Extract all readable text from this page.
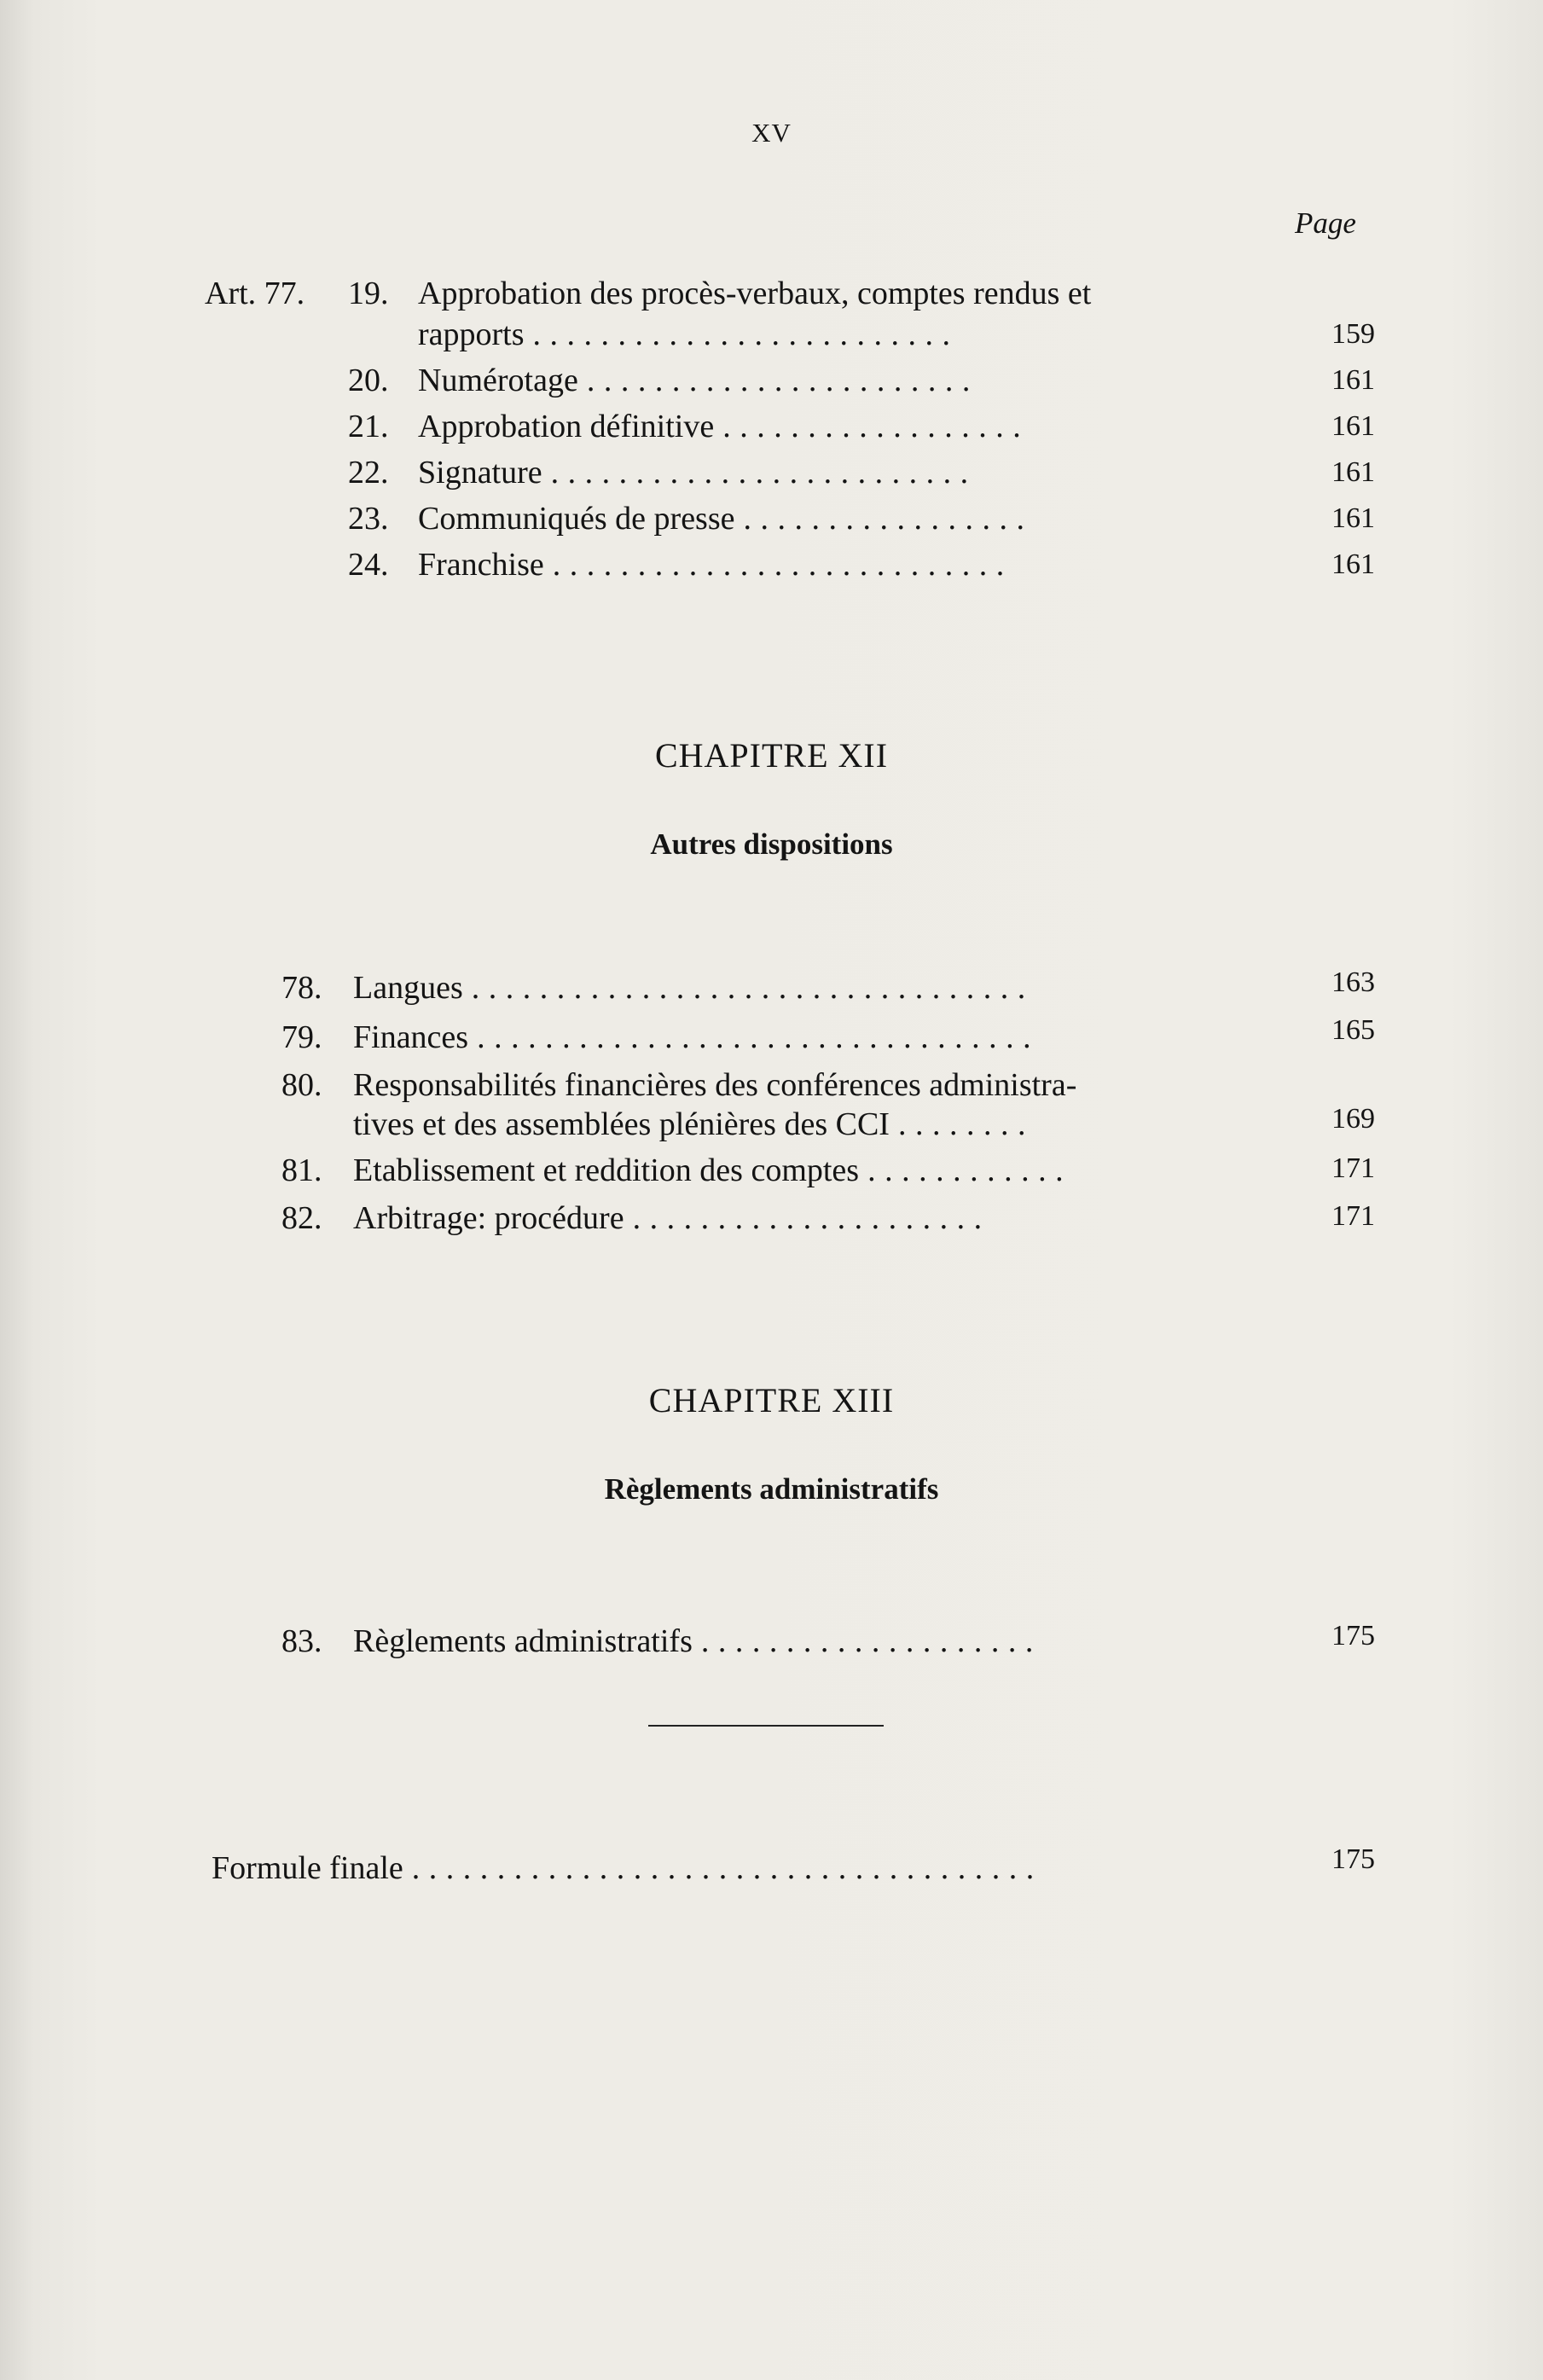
XV
Page
Art. 77. 19. Approbation des procès-verbaux, comptes rendus et
rapports . . . . . . . . . . . . . . . . . . . . . . . . .	159
20. Numérotage . . . . . . . . . . . . . . . . . . . . . . .	161
21. Approbation définitive . . . . . . . . . . . . . . . . . .	161
22. Signature . . . . . . . . . . . . . . . . . . . . . . . . .	161
23. Communiqués de presse . . . . . . . . . . . . . . . . .	161
24. Franchise . . . . . . . . . . . . . . . . . . . . . . . . . . .	161
CHAPITRE XII
Autres dispositions
78. Langues . . . . . . . . . . . . . . . . . . . . . . . . . . . . . . . . .	163
79. Finances . . . . . . . . . . . . . . . . . . . . . . . . . . . . . . . . .	165
80. Responsabilités financières des conférences administra-
tives et des assemblées plénières des CCI . . . . . . . .	169
81. Etablissement et reddition des comptes . . . . . . . . . . . .	171
82. Arbitrage: procédure . . . . . . . . . . . . . . . . . . . . .	171
CHAPITRE XIII
Règlements administratifs
83. Règlements administratifs . . . . . . . . . . . . . . . . . . . .	175
Formule finale . . . . . . . . . . . . . . . . . . . . . . . . . . . . . . . . . . . . .	175
